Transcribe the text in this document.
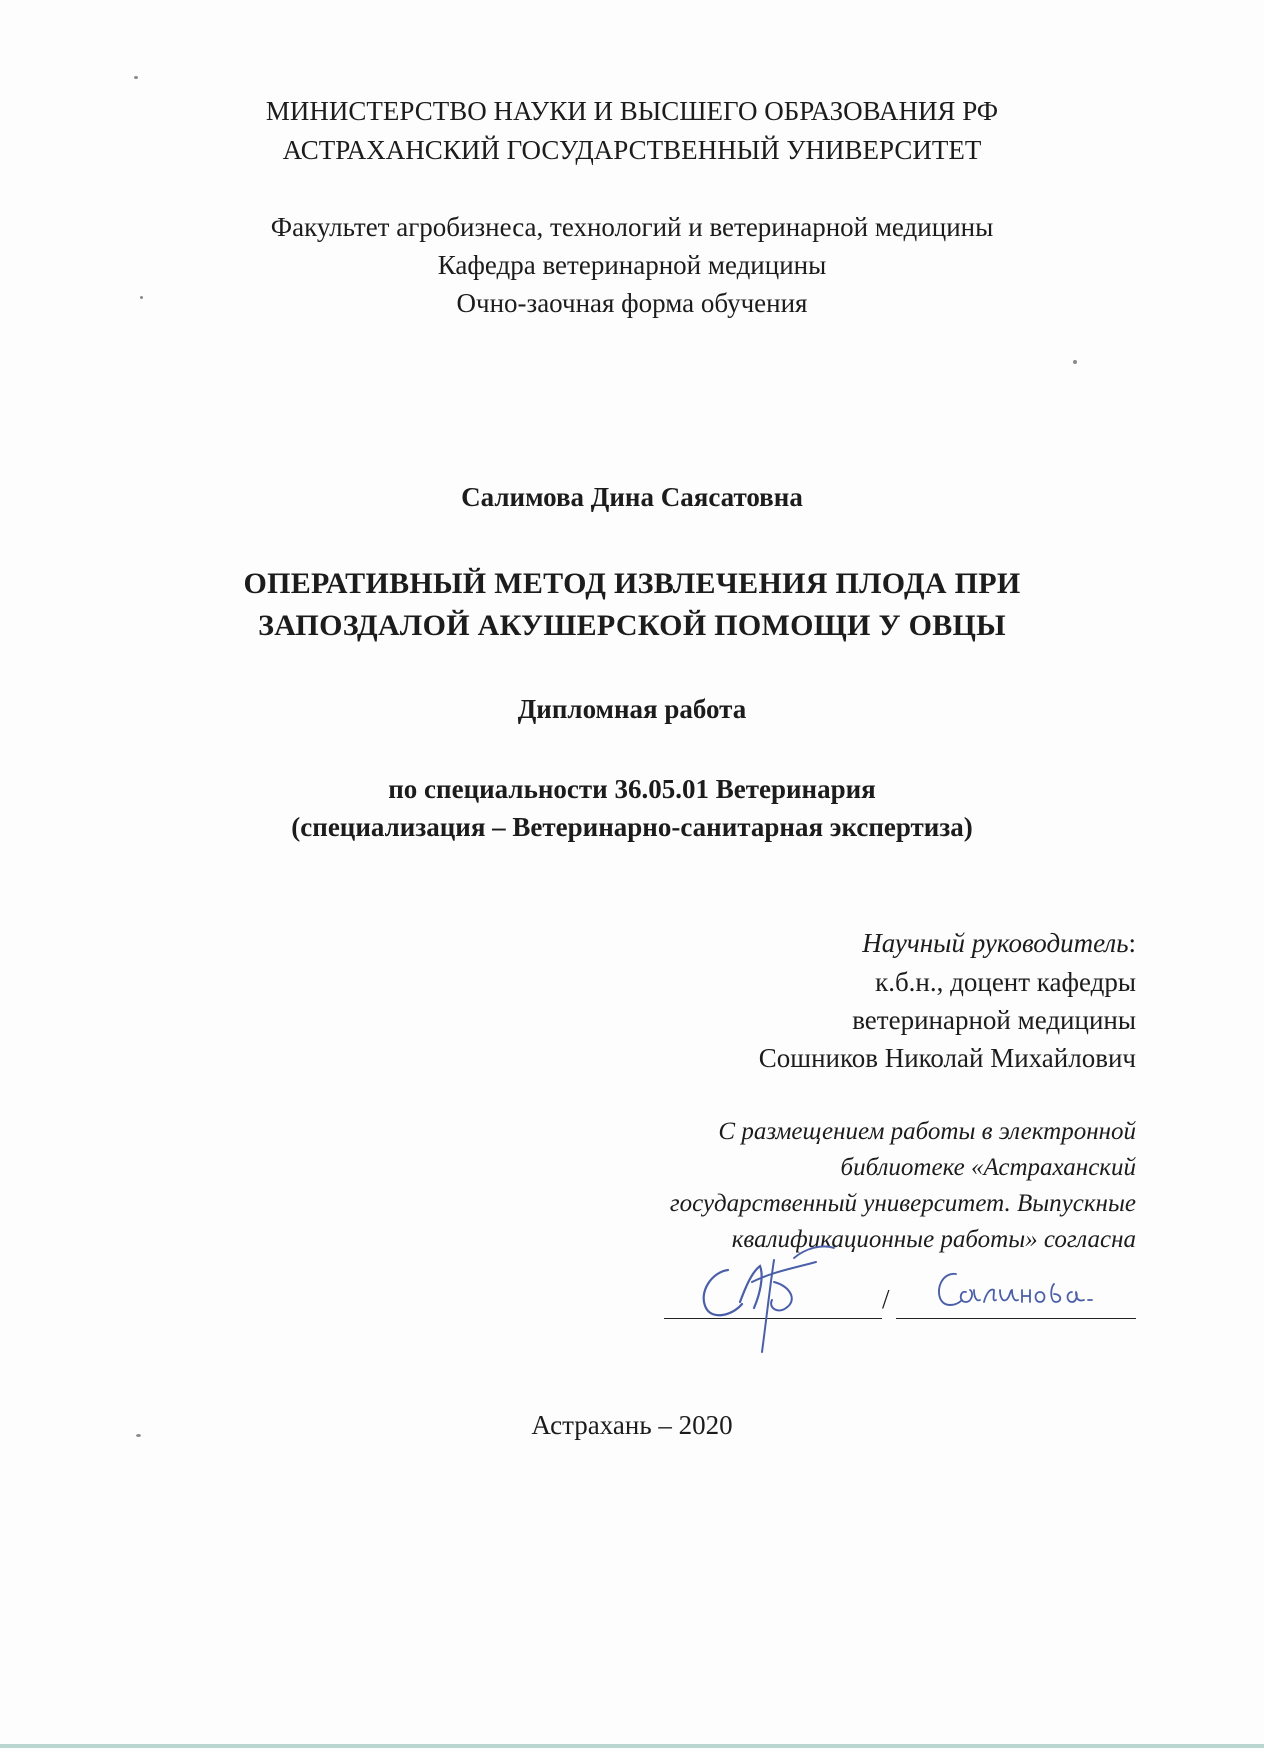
МИНИСТЕРСТВО НАУКИ И ВЫСШЕГО ОБРАЗОВАНИЯ РФ
АСТРАХАНСКИЙ ГОСУДАРСТВЕННЫЙ УНИВЕРСИТЕТ
Факультет агробизнеса, технологий и ветеринарной медицины
Кафедра ветеринарной медицины
Очно-заочная форма обучения
Салимова Дина Саясатовна
ОПЕРАТИВНЫЙ МЕТОД ИЗВЛЕЧЕНИЯ ПЛОДА ПРИ
ЗАПОЗДАЛОЙ АКУШЕРСКОЙ ПОМОЩИ У ОВЦЫ
Дипломная работа
по специальности 36.05.01 Ветеринария
(специализация – Ветеринарно-санитарная экспертиза)
Научный руководитель:
к.б.н., доцент кафедры
ветеринарной медицины
Сошников Николай Михайлович
С размещением работы в электронной
библиотеке «Астраханский
государственный университет. Выпускные
квалификационные работы» согласна
/
Астрахань – 2020
